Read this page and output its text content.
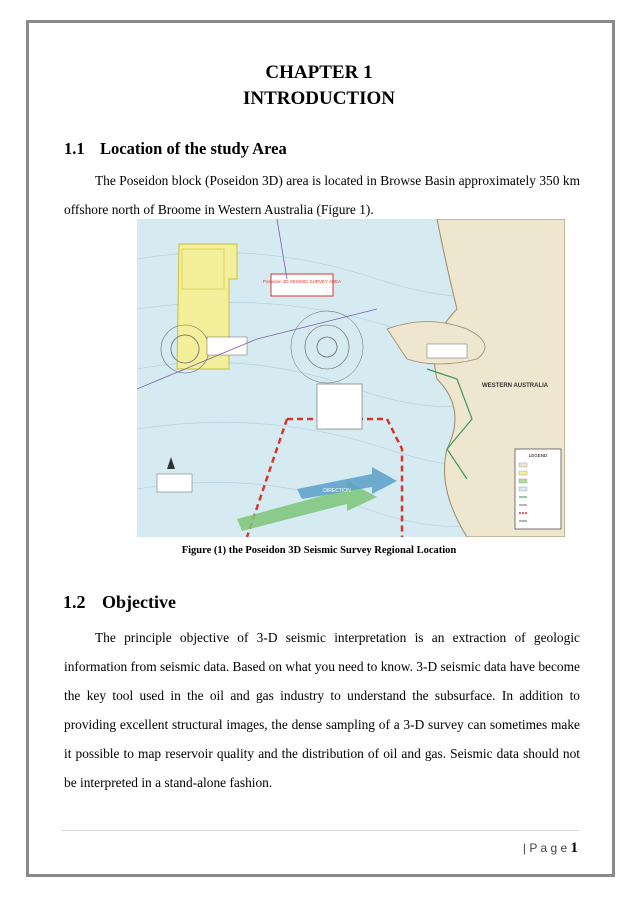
CHAPTER 1
INTRODUCTION
1.1 Location of the study Area
The Poseidon block (Poseidon 3D) area is located in Browse Basin approximately 350 km offshore north of Broome in Western Australia (Figure 1).
Poseidon 3D SEISMIC SURVEY AREA
DIRECTION
WESTERN AUSTRALIA
LEGEND
Figure (1) the Poseidon 3D Seismic Survey Regional Location
1.2 Objective
The principle objective of 3-D seismic interpretation is an extraction of geologic information from seismic data. Based on what you need to know. 3-D seismic data have become the key tool used in the oil and gas industry to understand the subsurface. In addition to providing excellent structural images, the dense sampling of a 3-D survey can sometimes make it possible to map reservoir quality and the distribution of oil and gas. Seismic data should not be interpreted in a stand-alone fashion.
| P a g e 1
